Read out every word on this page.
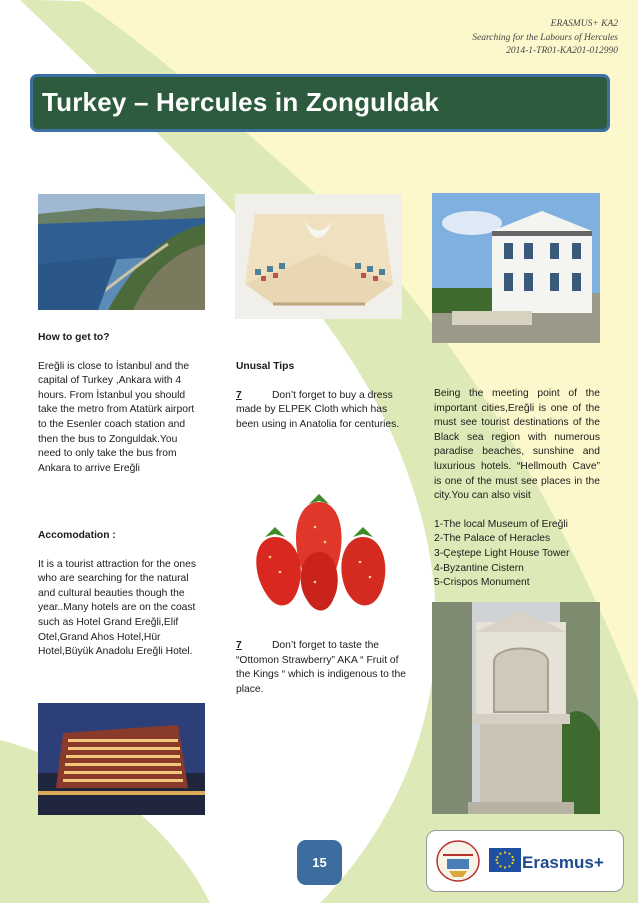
ERASMUS+ KA2
Searching for the Labours of Hercules
2014-1-TR01-KA201-012990
Turkey – Hercules in Zonguldak

How to get to?

Ereğli is close to İstanbul and the capital of Turkey ,Ankara with 4 hours. From İstanbul you should take the metro from Atatürk airport to the Esenler coach station and then the bus to Zonguldak.You need to only take the bus from Ankara to arrive Ereğli

Accomodation :

It is a tourist attraction for the ones who are searching for the natural and cultural beauties though the year..Many hotels are on the coast such as Hotel Grand Ereğli,Elif Otel,Grand Ahos Hotel,Hür Hotel,Büyük Anadolu Ereğli Hotel.

Unusal Tips

7	Don’t forget to buy a dress made by ELPEK Cloth which has been using in Anatolia for centuries.

7	Don’t forget to taste the “Ottomon Strawberry” AKA “ Fruit of the Kings “ which is indigenous to the place.

Being the meeting point of the important cities,Ereğli is one of the must see tourist destinations of the Black sea region with numerous paradise beaches, sunshine and luxurious hotels. “Hellmouth Cave” is one of the must see places in the city.You can also visit

1-The local Museum of Ereğli

2-The Palace of Heracles

3-Çeştepe Light House Tower

4-Byzantine Cistern

5-Crispos Monument

15	Erasmus+
